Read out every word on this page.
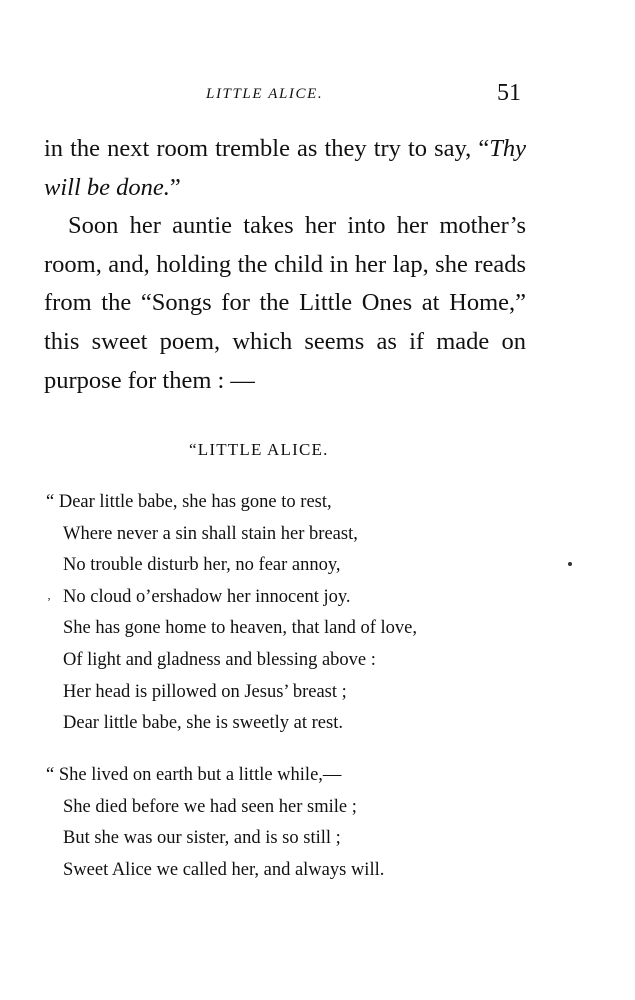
LITTLE ALICE.	51

in the next room tremble as they try to say, “Thy will be done.”

Soon her auntie takes her into her mother’s room, and, holding the child in her lap, she reads from the “Songs for the Little Ones at Home,” this sweet poem, which seems as if made on purpose for them : —

“LITTLE ALICE.
“ Dear little babe, she has gone to rest,
Where never a sin shall stain her breast,
No trouble disturb her, no fear annoy,
No cloud o’ershadow her innocent joy.
She has gone home to heaven, that land of love,
Of light and gladness and blessing above :
Her head is pillowed on Jesus’ breast ;
Dear little babe, she is sweetly at rest.
“ She lived on earth but a little while,—
She died before we had seen her smile ;
But she was our sister, and is so still ;
Sweet Alice we called her, and always will.
‚
